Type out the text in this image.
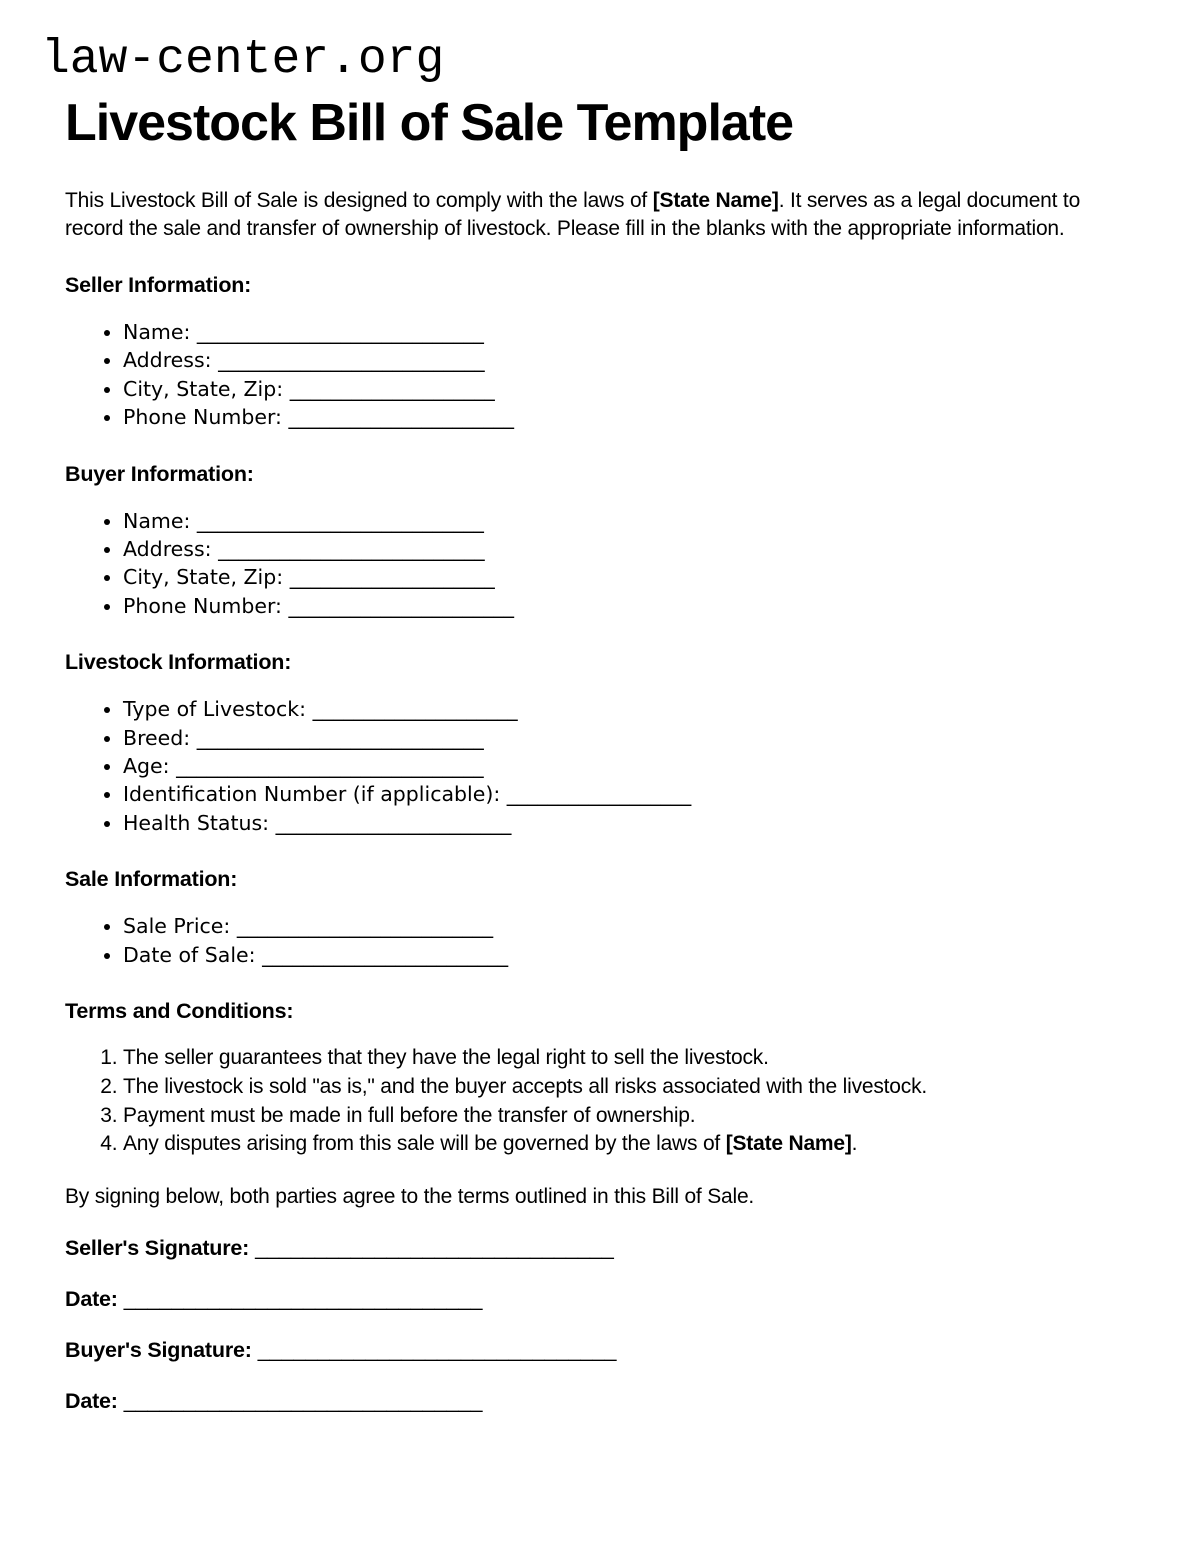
law-center.org
Livestock Bill of Sale Template

This Livestock Bill of Sale is designed to comply with the laws of [State Name]. It serves as a legal document to record the sale and transfer of ownership of livestock. Please fill in the blanks with the appropriate information.

Seller Information:
• Name: ____________________________
• Address: __________________________
• City, State, Zip: ____________________
• Phone Number: ______________________
Buyer Information:
• Name: ____________________________
• Address: __________________________
• City, State, Zip: ____________________
• Phone Number: ______________________
Livestock Information:
• Type of Livestock: ____________________
• Breed: ____________________________
• Age: ______________________________
• Identification Number (if applicable): __________________
• Health Status: _______________________
Sale Information:
• Sale Price: _________________________
• Date of Sale: ________________________
Terms and Conditions:
1. The seller guarantees that they have the legal right to sell the livestock.
2. The livestock is sold "as is," and the buyer accepts all risks associated with the livestock.
3. Payment must be made in full before the transfer of ownership.
4. Any disputes arising from this sale will be governed by the laws of [State Name].

By signing below, both parties agree to the terms outlined in this Bill of Sale.

Seller's Signature: ______________________________

Date: ______________________________

Buyer's Signature: ______________________________

Date: ______________________________
